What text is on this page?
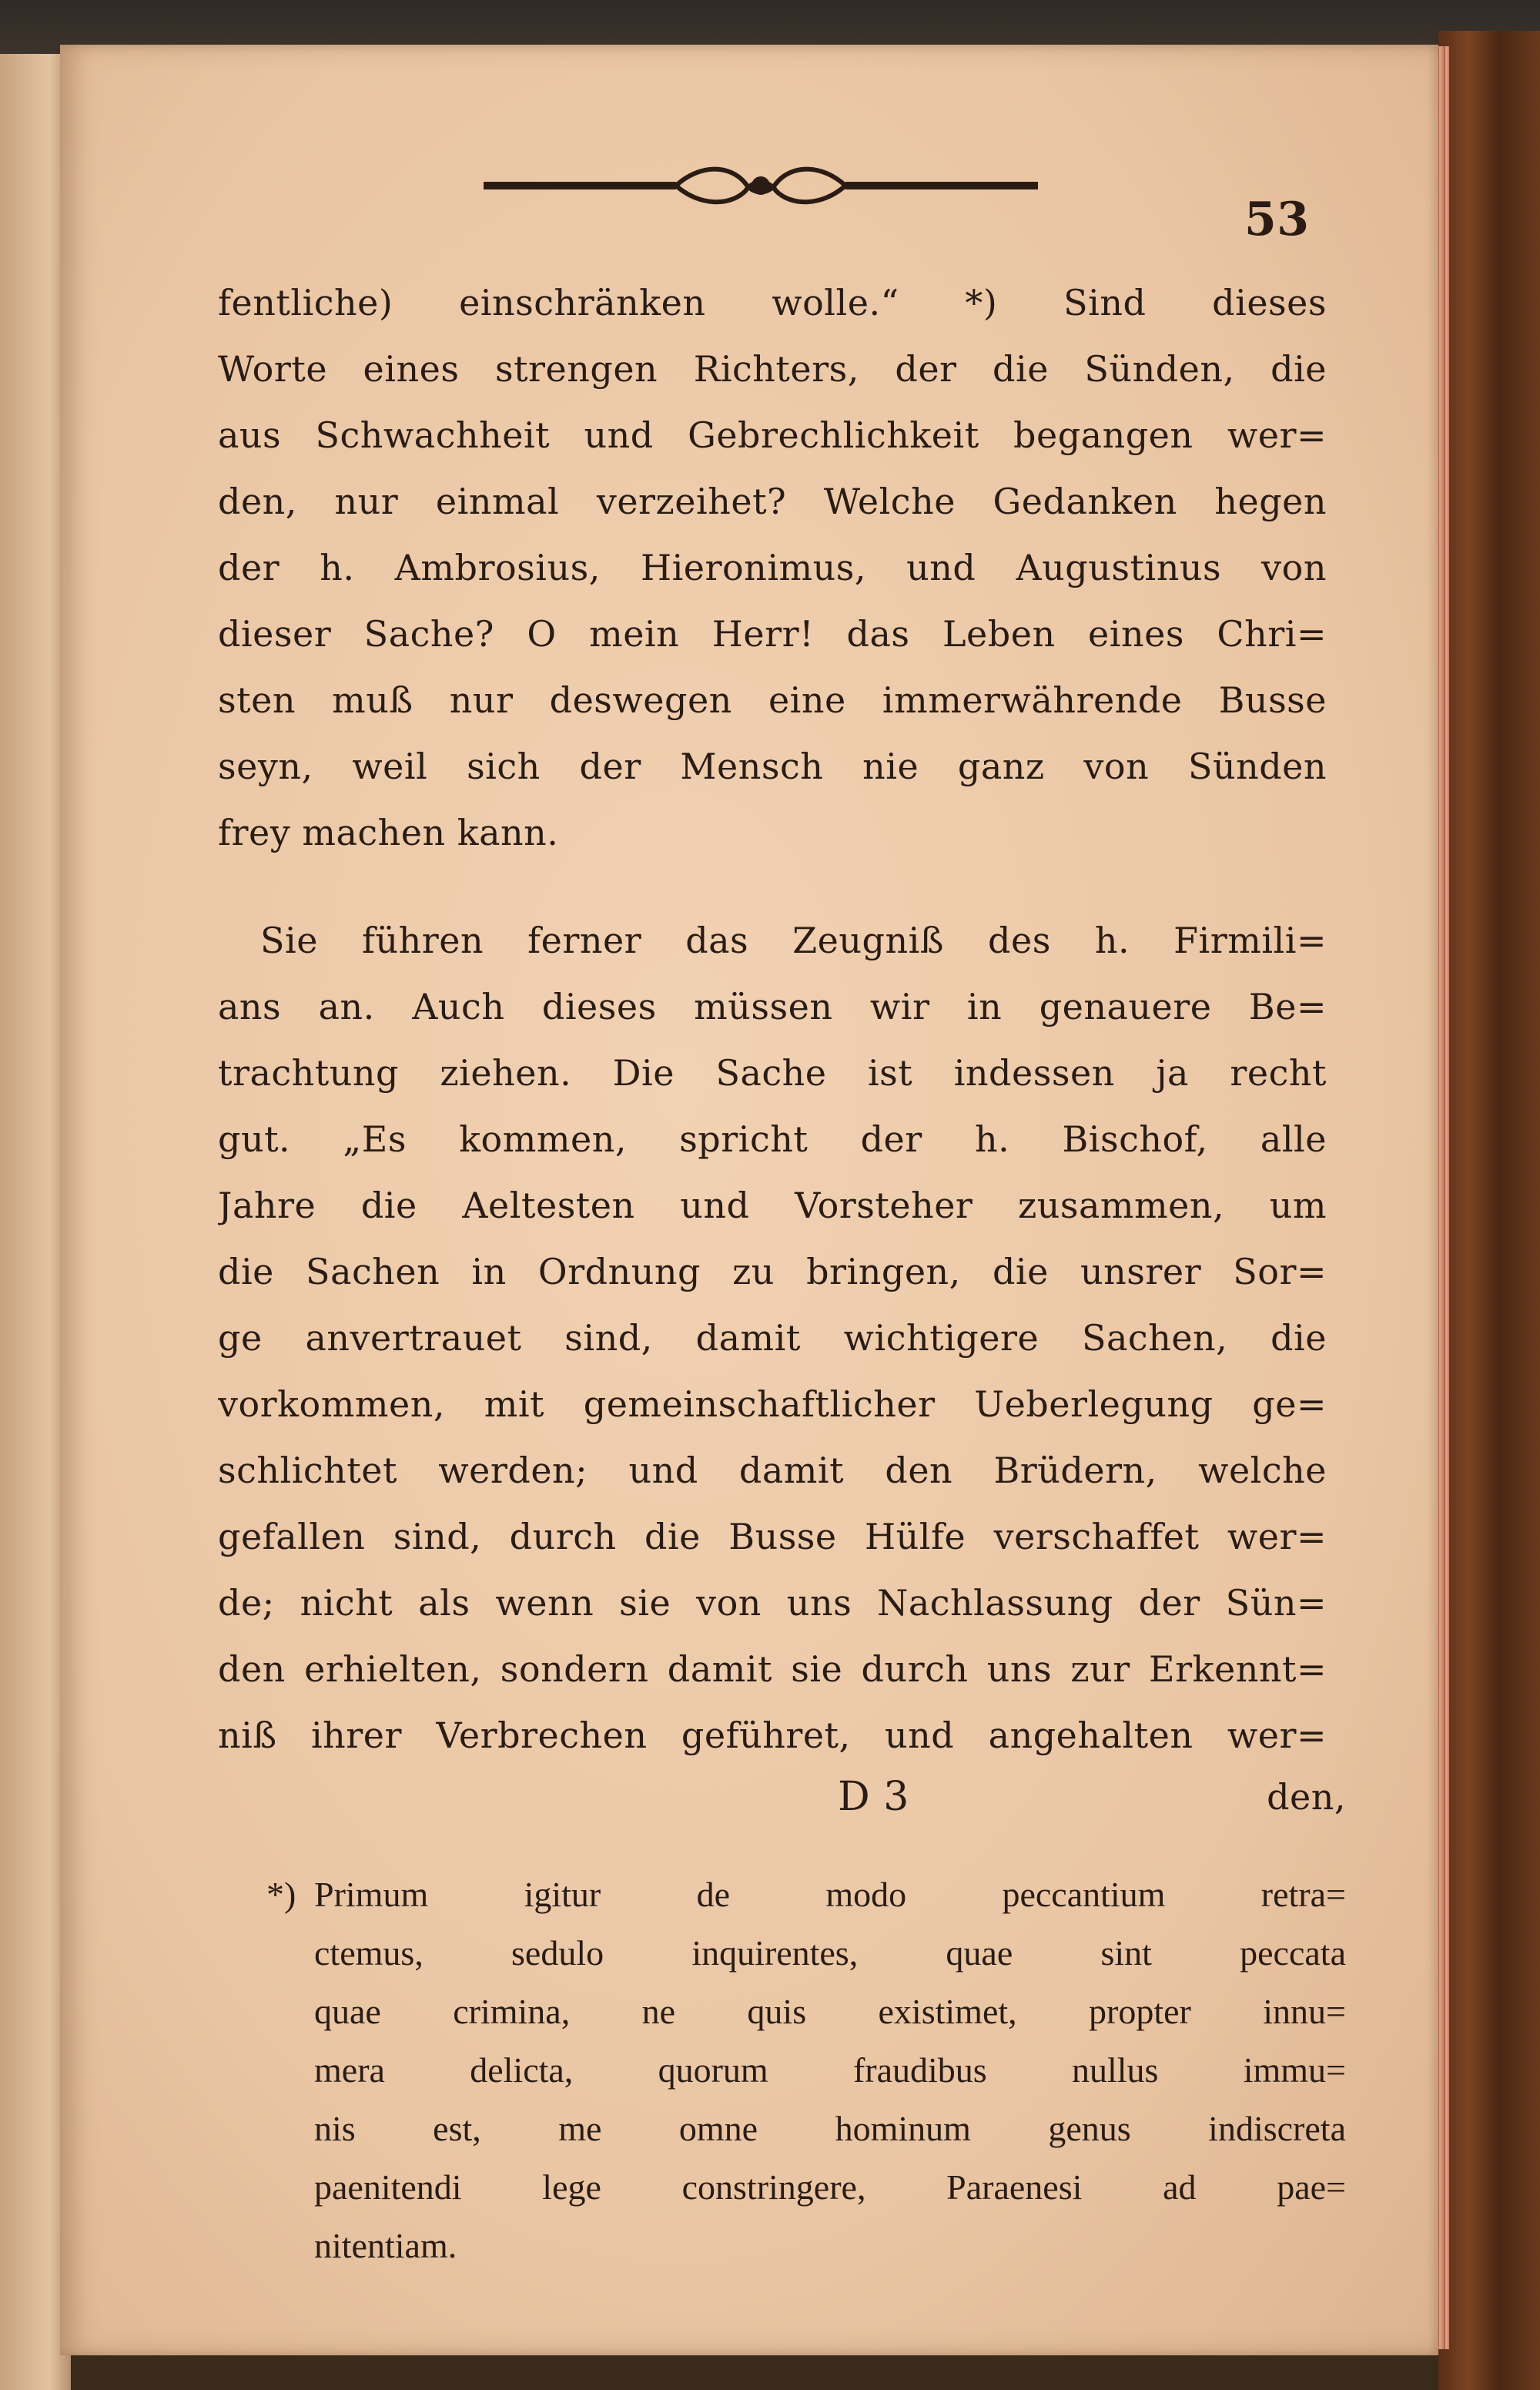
53
fentliche) einschränken wolle.“ *) Sind dieses
Worte eines strengen Richters, der die Sünden, die
aus Schwachheit und Gebrechlichkeit begangen wer=
den, nur einmal verzeihet? Welche Gedanken hegen
der h. Ambrosius, Hieronimus, und Augustinus von
dieser Sache? O mein Herr! das Leben eines Chri=
sten muß nur deswegen eine immerwährende Busse
seyn, weil sich der Mensch nie ganz von Sünden
frey machen kann.
Sie führen ferner das Zeugniß des h. Firmili=
ans an. Auch dieses müssen wir in genauere Be=
trachtung ziehen. Die Sache ist indessen ja recht
gut. „Es kommen, spricht der h. Bischof, alle
Jahre die Aeltesten und Vorsteher zusammen, um
die Sachen in Ordnung zu bringen, die unsrer Sor=
ge anvertrauet sind, damit wichtigere Sachen, die
vorkommen, mit gemeinschaftlicher Ueberlegung ge=
schlichtet werden; und damit den Brüdern, welche
gefallen sind, durch die Busse Hülfe verschaffet wer=
de; nicht als wenn sie von uns Nachlassung der Sün=
den erhielten, sondern damit sie durch uns zur Erkennt=
niß ihrer Verbrechen geführet, und angehalten wer=
D 3	den,
*) Primum igitur de modo peccantium retra=
ctemus, sedulo inquirentes, quae sint peccata
quae crimina, ne quis existimet, propter innu=
mera delicta, quorum fraudibus nullus immu=
nis est, me omne hominum genus indiscreta
paenitendi lege constringere, Paraenesi ad pae=
nitentiam.
